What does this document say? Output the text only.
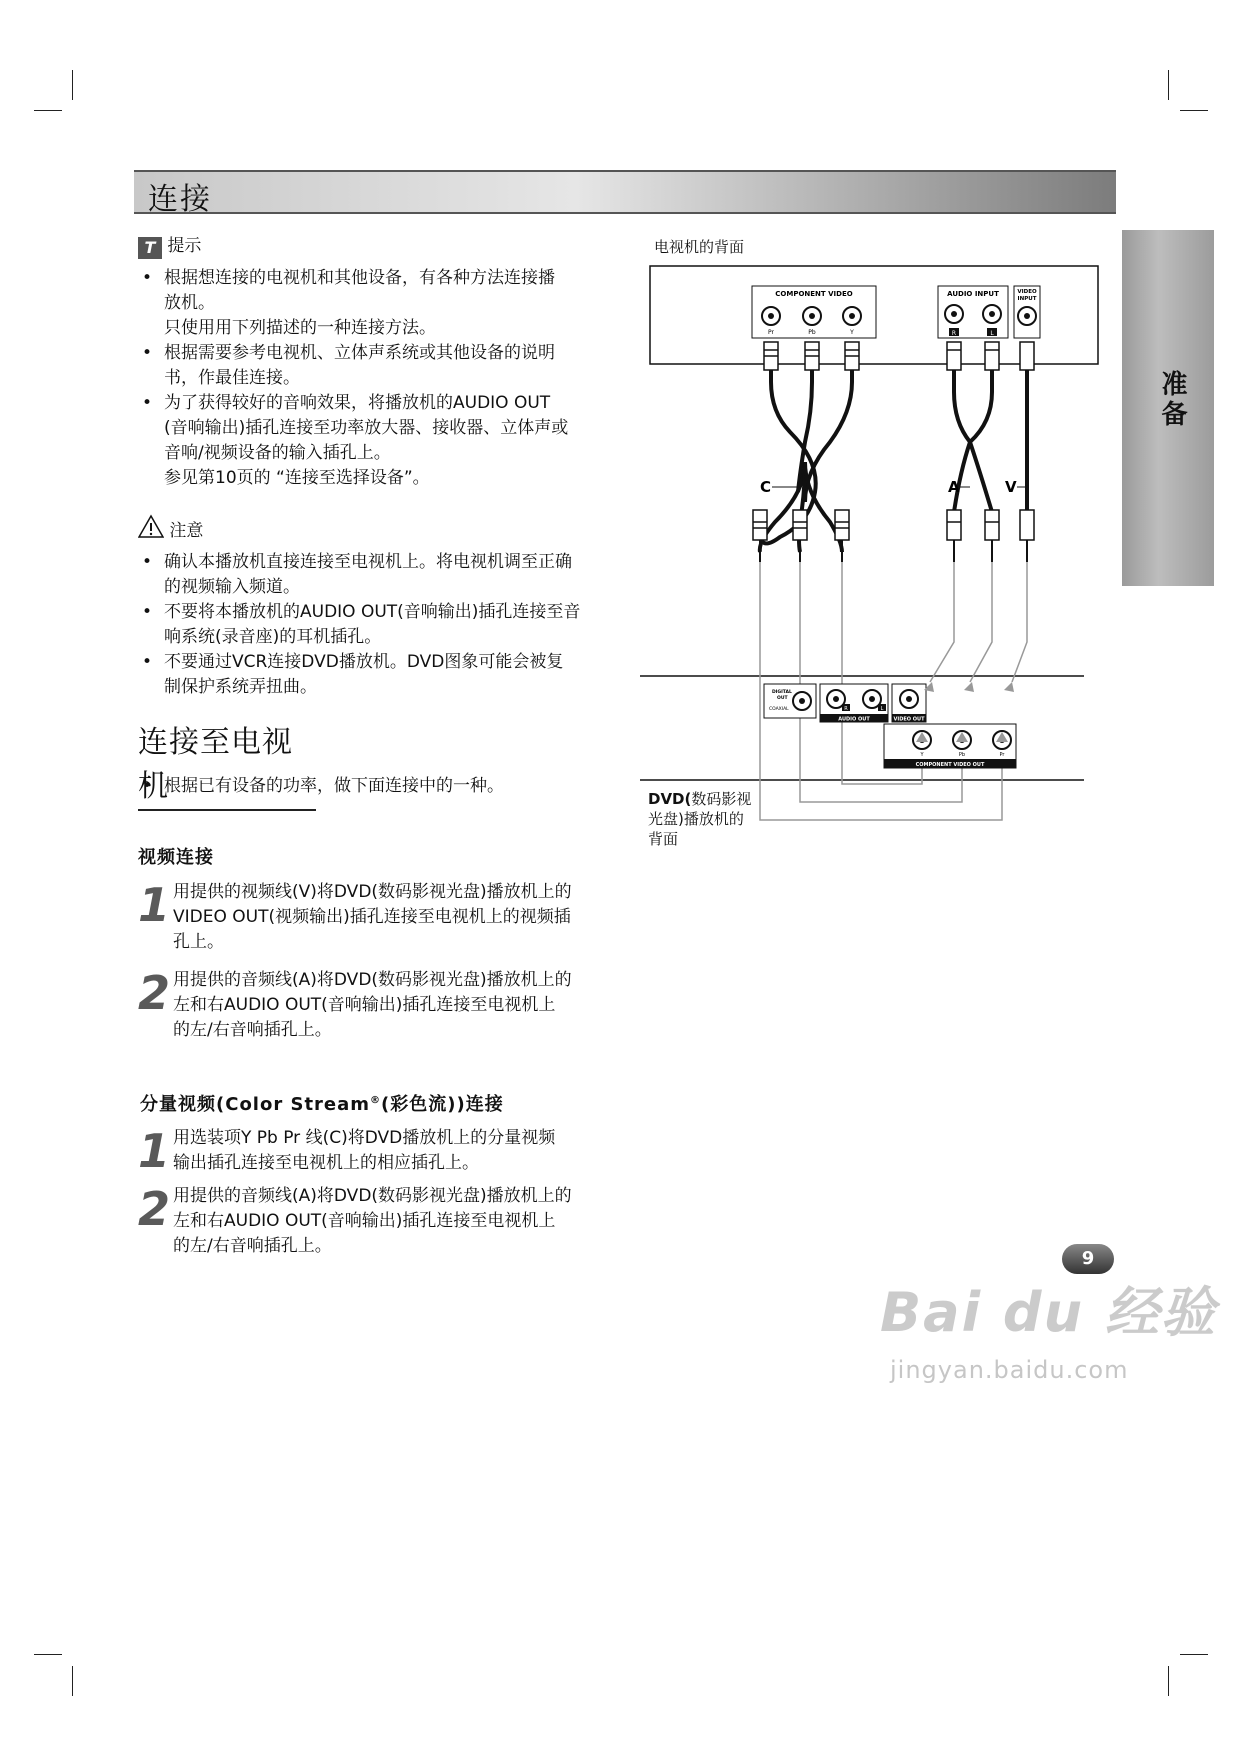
连接
准备
T 提示
• 根据想连接的电视机和其他设备，有各种方法连接播
放机。
只使用用下列描述的一种连接方法。
• 根据需要参考电视机、立体声系统或其他设备的说明
书，作最佳连接。
• 为了获得较好的音响效果，将播放机的AUDIO OUT
(音响输出)插孔连接至功率放大器、接收器、立体声或
音响/视频设备的输入插孔上。
参见第10页的 “连接至选择设备”。
注意
• 确认本播放机直接连接至电视机上。将电视机调至正确
的视频输入频道。
• 不要将本播放机的AUDIO OUT(音响输出)插孔连接至音
响系统(录音座)的耳机插孔。
• 不要通过VCR连接DVD播放机。DVD图象可能会被复
制保护系统弄扭曲。
连接至电视机
• 根据已有设备的功率，做下面连接中的一种。
视频连接
1 用提供的视频线(V)将DVD(数码影视光盘)播放机上的
VIDEO OUT(视频输出)插孔连接至电视机上的视频插
孔上。
2 用提供的音频线(A)将DVD(数码影视光盘)播放机上的
左和右AUDIO OUT(音响输出)插孔连接至电视机上
的左/右音响插孔上。
分量视频(Color Stream®(彩色流))连接
1 用选装项Y Pb Pr 线(C)将DVD播放机上的分量视频
输出插孔连接至电视机上的相应插孔上。
2 用提供的音频线(A)将DVD(数码影视光盘)播放机上的
左和右AUDIO OUT(音响输出)插孔连接至电视机上
的左/右音响插孔上。
电视机的背面
COMPONENT VIDEO
Pr	Pb	Y
AUDIO INPUT
R	L
VIDEO
INPUT
C	A	V
DIGITAL
OUT
COAXIAL	R	L
AUDIO OUT	VIDEO OUT
Y	Pb	Pr
COMPONENT VIDEO OUT
DVD(数码影视
光盘)播放机的
背面
9
Bai du 经验
jingyan.baidu.com
